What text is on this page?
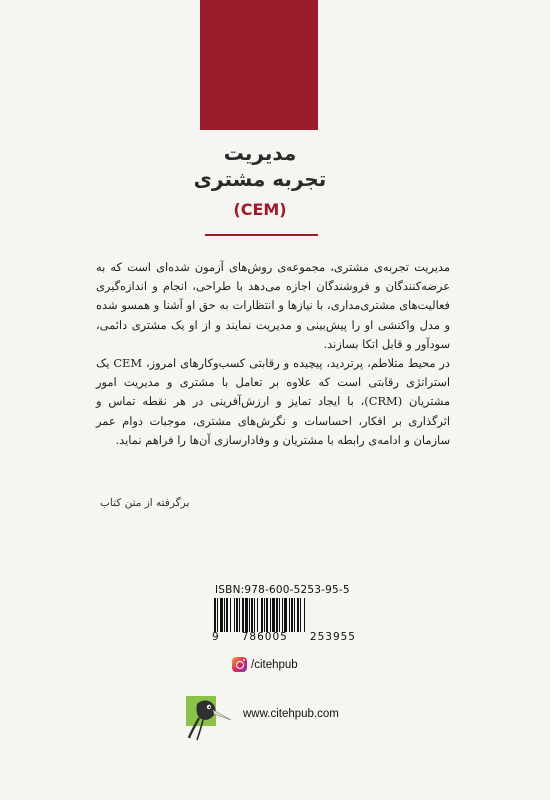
مدیریت
تجربه مشتری
(CEM)

مدیریت تجربه‌ی مشتری، مجموعه‌ی روش‌های آزمون شده‌ای است که به عرضه‌کنندگان و فروشندگان اجازه می‌دهد با طراحی، انجام و اندازه‌گیری فعالیت‌های مشتری‌مداری، با نیازها و انتظارات به حق او آشنا و همسو شده و مدل واکنشی او را پیش‌بینی و مدیریت نمایند و از او یک مشتری دائمی، سودآور و قابل اتکا بسازند.

در محیط متلاطم، پرتردید، پیچیده و رقابتی کسب‌وکارهای امروز، CEM یک استراتژی رقابتی است که علاوه بر تعامل با مشتری و مدیریت امور مشتریان (CRM)، با ایجاد تمایز و ارزش‌آفرینی در هر نقطه تماس و اثرگذاری بر افکار، احساسات و نگرش‌های مشتری، موجبات دوام عمر سازمان و ادامه‌ی رابطه با مشتریان و وفادارسازی آن‌ها را فراهم نماید.

برگرفته از متن کتاب
ISBN:978-600-5253-95-5
9 786005 253955
/citehpub
www.citehpub.com
